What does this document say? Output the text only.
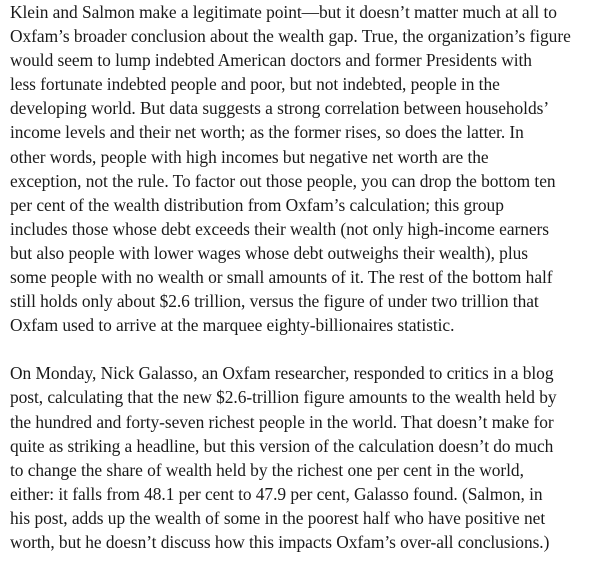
Klein and Salmon make a legitimate point—but it doesn’t matter much at all to
Oxfam’s broader conclusion about the wealth gap. True, the organization’s figure
would seem to lump indebted American doctors and former Presidents with
less fortunate indebted people and poor, but not indebted, people in the
developing world. But data suggests a strong correlation between households’
income levels and their net worth; as the former rises, so does the latter. In
other words, people with high incomes but negative net worth are the
exception, not the rule. To factor out those people, you can drop the bottom ten
per cent of the wealth distribution from Oxfam’s calculation; this group
includes those whose debt exceeds their wealth (not only high-income earners
but also people with lower wages whose debt outweighs their wealth), plus
some people with no wealth or small amounts of it. The rest of the bottom half
still holds only about $2.6 trillion, versus the figure of under two trillion that
Oxfam used to arrive at the marquee eighty-billionaires statistic.

On Monday, Nick Galasso, an Oxfam researcher, responded to critics in a blog
post, calculating that the new $2.6-trillion figure amounts to the wealth held by
the hundred and forty-seven richest people in the world. That doesn’t make for
quite as striking a headline, but this version of the calculation doesn’t do much
to change the share of wealth held by the richest one per cent in the world,
either: it falls from 48.1 per cent to 47.9 per cent, Galasso found. (Salmon, in
his post, adds up the wealth of some in the poorest half who have positive net
worth, but he doesn’t discuss how this impacts Oxfam’s over-all conclusions.)
